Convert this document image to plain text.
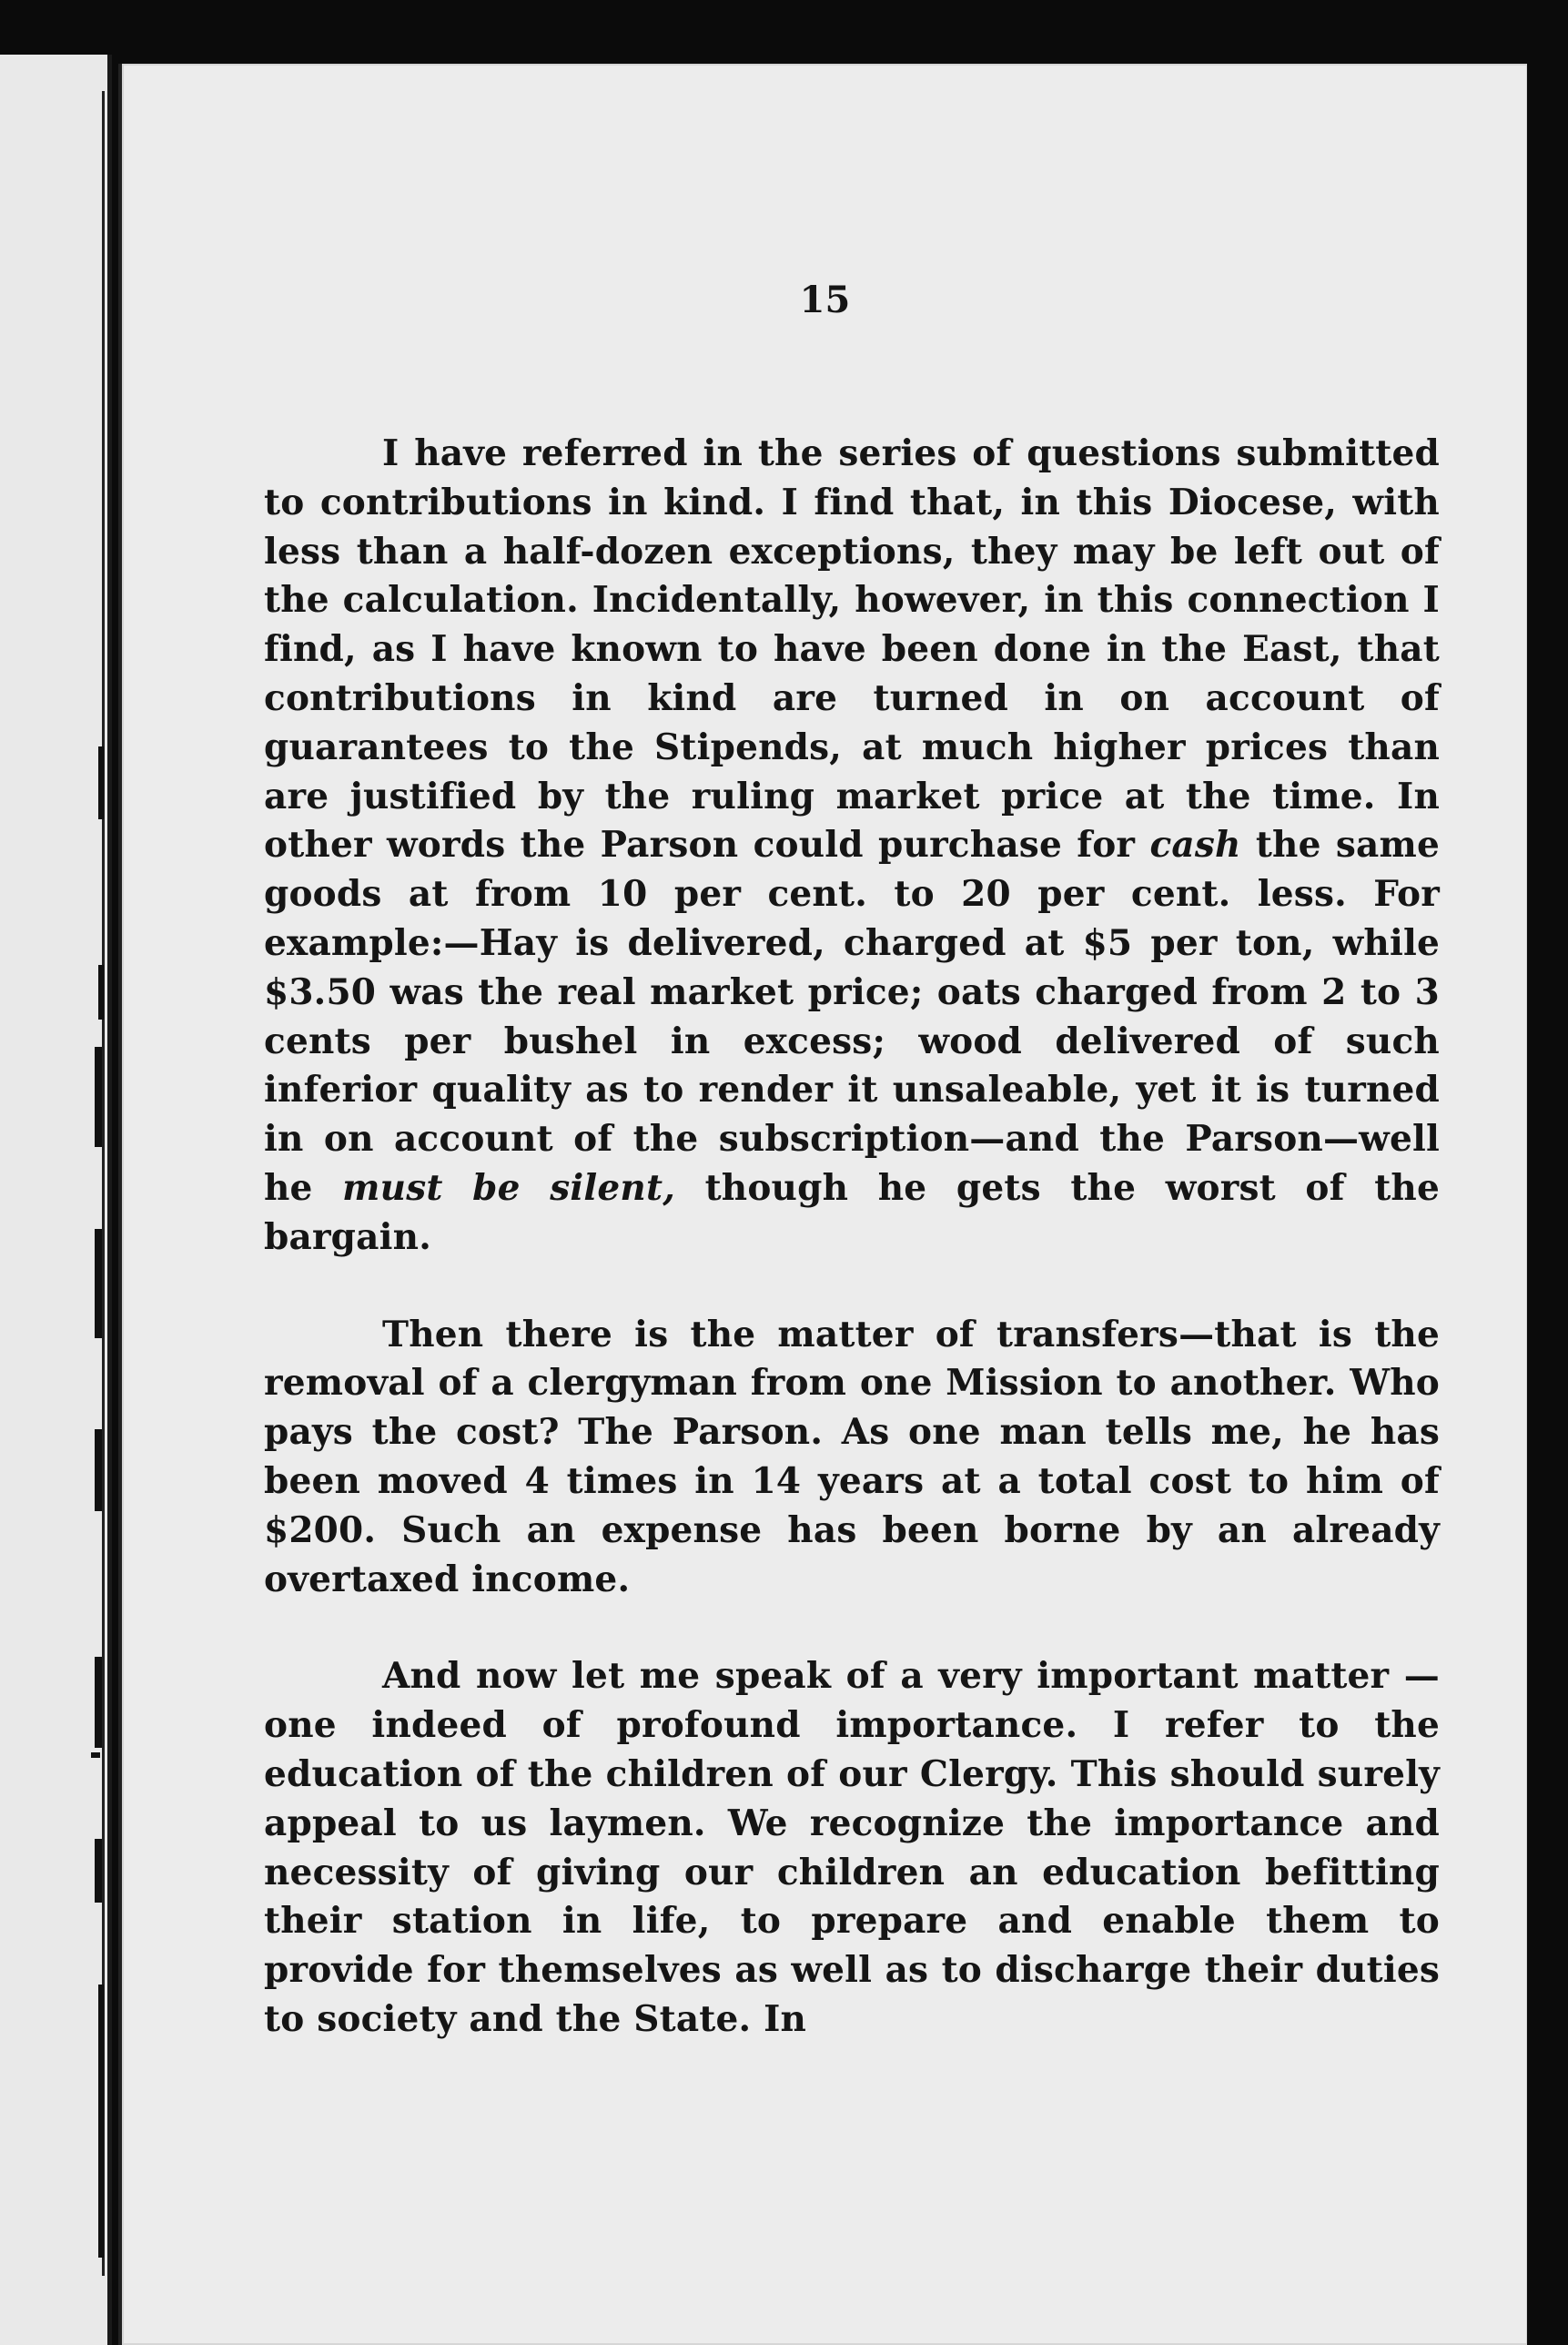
15

I have referred in the series of questions submitted to contributions in kind. I find that, in this Diocese, with less than a half-dozen exceptions, they may be left out of the calculation. Incidentally, however, in this connection I find, as I have known to have been done in the East, that contributions in kind are turned in on account of guarantees to the Stipends, at much higher prices than are justified by the ruling market price at the time. In other words the Parson could purchase for cash the same goods at from 10 per cent. to 20 per cent. less. For example:—Hay is delivered, charged at $5 per ton, while $3.50 was the real market price; oats charged from 2 to 3 cents per bushel in excess; wood delivered of such inferior quality as to render it unsaleable, yet it is turned in on account of the subscription—and the Parson—well he must be silent, though he gets the worst of the bargain.

Then there is the matter of transfers—that is the removal of a clergyman from one Mission to another. Who pays the cost? The Parson. As one man tells me, he has been moved 4 times in 14 years at a total cost to him of $200. Such an expense has been borne by an already overtaxed income.

And now let me speak of a very important matter —one indeed of profound importance. I refer to the education of the children of our Clergy. This should surely appeal to us laymen. We recognize the importance and necessity of giving our children an education befitting their station in life, to prepare and enable them to provide for themselves as well as to discharge their duties to society and the State. In
